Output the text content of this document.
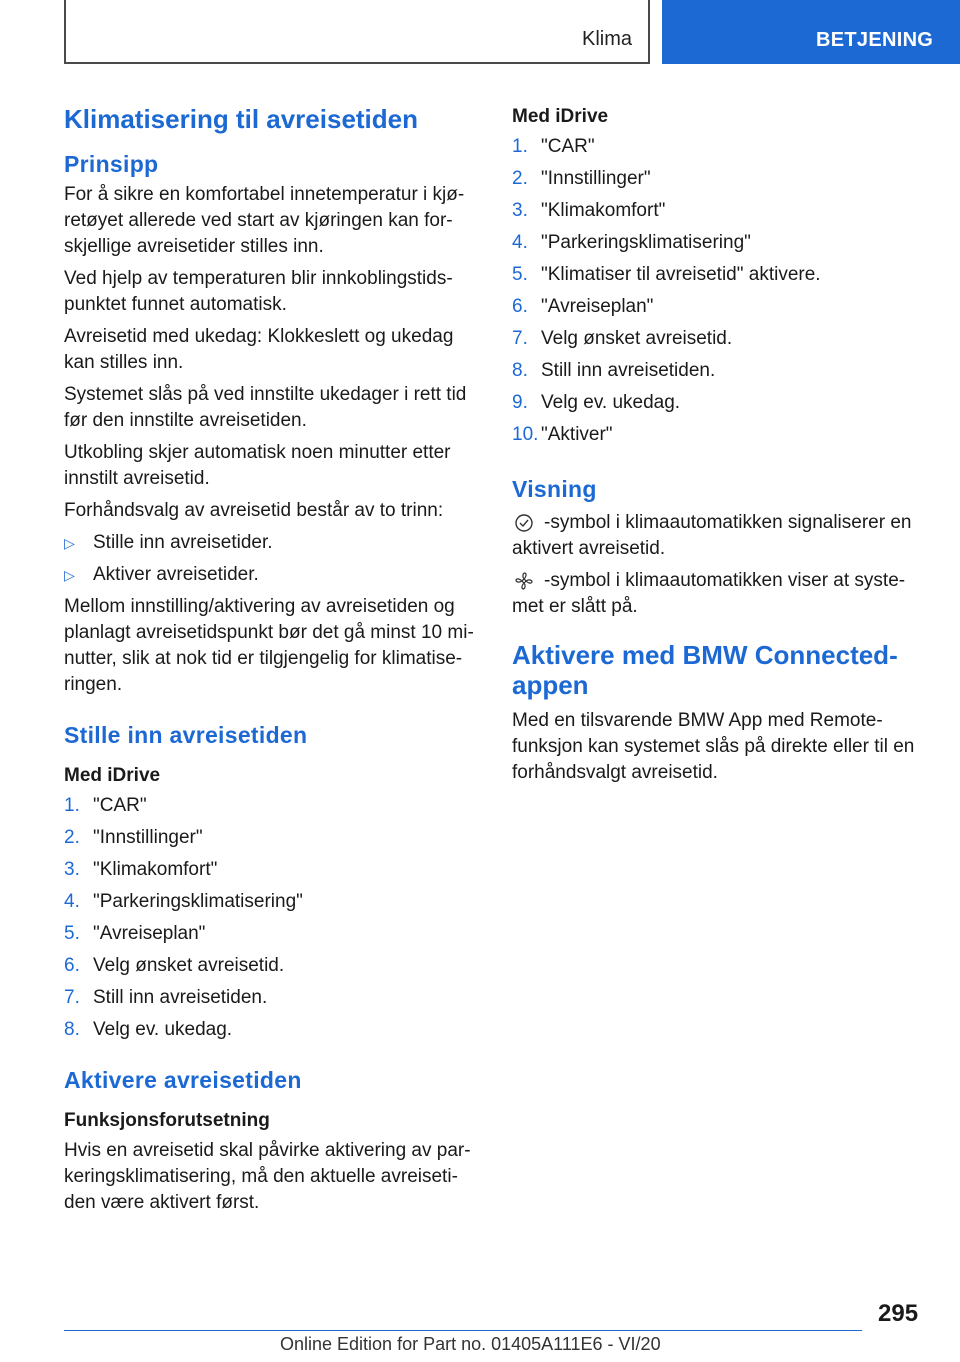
Klima	BETJENING
Klimatisering til avreisetiden
Prinsipp
For å sikre en komfortabel innetemperatur i kjøretøyet allerede ved start av kjøringen kan forskjellige avreisetider stilles inn.
Ved hjelp av temperaturen blir innkoblingstidspunktet funnet automatisk.
Avreisetid med ukedag: Klokkeslett og ukedag kan stilles inn.
Systemet slås på ved innstilte ukedager i rett tid før den innstilte avreisetiden.
Utkobling skjer automatisk noen minutter etter innstilt avreisetid.
Forhåndsvalg av avreisetid består av to trinn:
▷ Stille inn avreisetider.
▷ Aktiver avreisetider.
Mellom innstilling/aktivering av avreisetiden og planlagt avreisetidspunkt bør det gå minst 10 minutter, slik at nok tid er tilgjengelig for klimatiseringen.
Stille inn avreisetiden
Med iDrive
1. "CAR"
2. "Innstillinger"
3. "Klimakomfort"
4. "Parkeringsklimatisering"
5. "Avreiseplan"
6. Velg ønsket avreisetid.
7. Still inn avreisetiden.
8. Velg ev. ukedag.
Aktivere avreisetiden
Funksjonsforutsetning
Hvis en avreisetid skal påvirke aktivering av parkeringsklimatisering, må den aktuelle avreisetiden være aktivert først.
Med iDrive
1. "CAR"
2. "Innstillinger"
3. "Klimakomfort"
4. "Parkeringsklimatisering"
5. "Klimatiser til avreisetid" aktivere.
6. "Avreiseplan"
7. Velg ønsket avreisetid.
8. Still inn avreisetiden.
9. Velg ev. ukedag.
10. "Aktiver"
Visning
-symbol i klimaautomatikken signaliserer en aktivert avreisetid.
-symbol i klimaautomatikken viser at systemet er slått på.
Aktivere med BMW Connected-appen
Med en tilsvarende BMW App med Remote-funksjon kan systemet slås på direkte eller til en forhåndsvalgt avreisetid.
295
Online Edition for Part no. 01405A111E6 - VI/20
